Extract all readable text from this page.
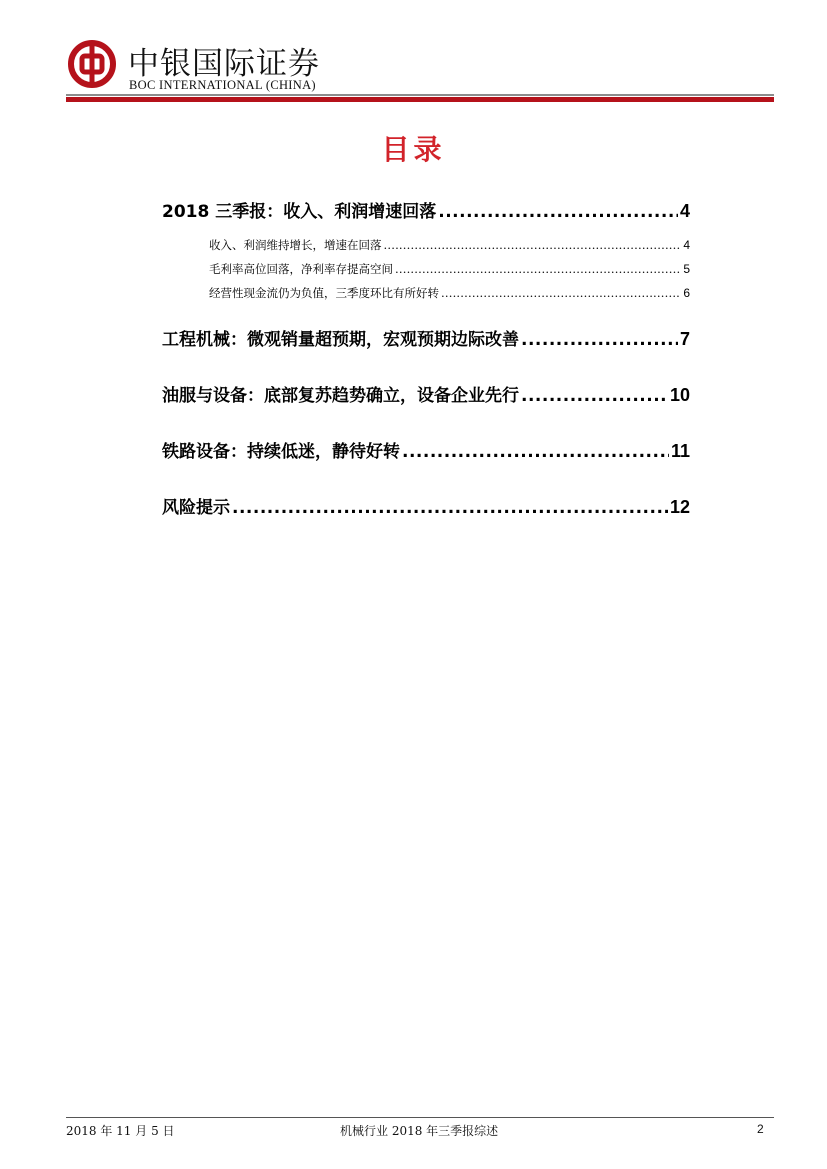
中银国际证券
BOC INTERNATIONAL (CHINA)
目录
2018 三季报：收入、利润增速回落 .....	4
收入、利润维持增长，增速在回落 .....	4
毛利率高位回落，净利率存提高空间 .....	5
经营性现金流仍为负值，三季度环比有所好转 .....	6
工程机械：微观销量超预期，宏观预期边际改善 .....	7
油服与设备：底部复苏趋势确立，设备企业先行 .....	10
铁路设备：持续低迷，静待好转 .....	11
风险提示 .....	12
2018 年 11 月 5 日	机械行业 2018 年三季报综述	2
